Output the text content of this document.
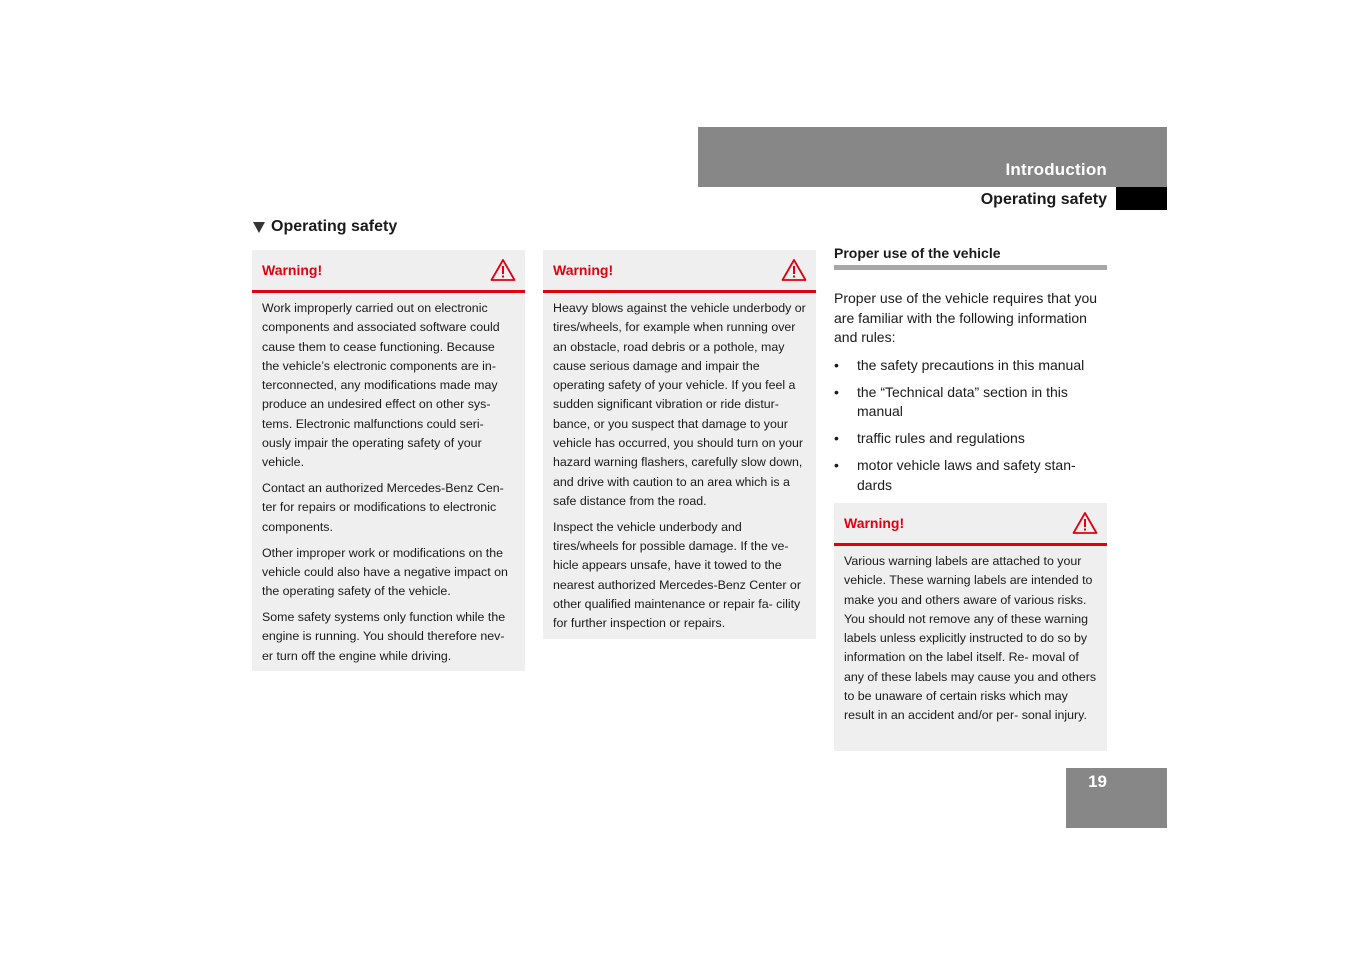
Introduction
Operating safety
Operating safety
Warning!

Work improperly carried out on electronic components and associated software could cause them to cease functioning. Because the vehicle’s electronic components are in- terconnected, any modifications made may produce an undesired effect on other sys- tems. Electronic malfunctions could seri- ously impair the operating safety of your vehicle.

Contact an authorized Mercedes-Benz Cen- ter for repairs or modifications to electronic components.

Other improper work or modifications on the vehicle could also have a negative impact on the operating safety of the vehicle.

Some safety systems only function while the engine is running. You should therefore nev- er turn off the engine while driving.

Warning!

Heavy blows against the vehicle underbody or tires/wheels, for example when running over an obstacle, road debris or a pothole, may cause serious damage and impair the operating safety of your vehicle. If you feel a sudden significant vibration or ride distur- bance, or you suspect that damage to your vehicle has occurred, you should turn on your hazard warning flashers, carefully slow down, and drive with caution to an area which is a safe distance from the road.

Inspect the vehicle underbody and tires/wheels for possible damage. If the ve- hicle appears unsafe, have it towed to the nearest authorized Mercedes-Benz Center or other qualified maintenance or repair fa- cility for further inspection or repairs.

Proper use of the vehicle
Proper use of the vehicle requires that you are familiar with the following information and rules:
• the safety precautions in this manual
• the “Technical data” section in this manual
• traffic rules and regulations
• motor vehicle laws and safety stan- dards
Warning!

Various warning labels are attached to your vehicle. These warning labels are intended to make you and others aware of various risks. You should not remove any of these warning labels unless explicitly instructed to do so by information on the label itself. Re- moval of any of these labels may cause you and others to be unaware of certain risks which may result in an accident and/or per- sonal injury.

19
